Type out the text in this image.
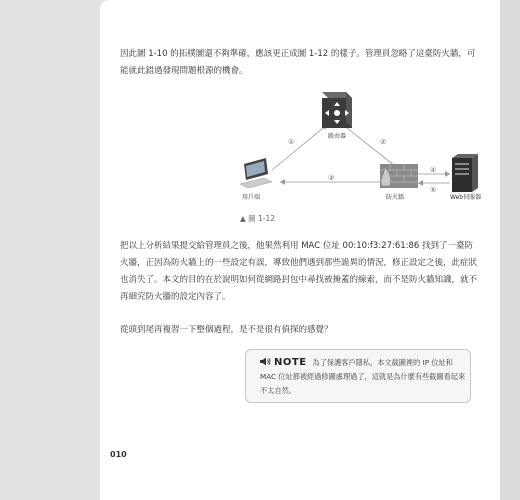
因此圖 1-10 的拓樸圖還不夠準確，應該更正成圖 1-12 的樣子。管理員忽略了這臺防火牆，可能就此錯過發現問題根源的機會。

①	②
③
④
⑤
路由器
用戶端	防火牆	Web伺服器
▲ 圖 1-12

把以上分析結果提交給管理員之後，他果然利用 MAC 位址 00:10:f3:27:61:86 找到了一臺防火牆，正因為防火牆上的一些設定有誤，導致他們遇到那些詭異的情況，修正設定之後，此症狀也消失了。本文的目的在於說明如何從網路封包中尋找被掩蓋的線索，而不是防火牆知識，就不再細究防火牆的設定內容了。

從頭到尾再複習一下整個過程，是不是很有偵探的感覺？

NOTE 為了保護客戶隱私，本文截圖裡的 IP 位址和 MAC 位址都被經過修圖處理過了，這就是為什麼有些截圖看起來不太自然。

010
